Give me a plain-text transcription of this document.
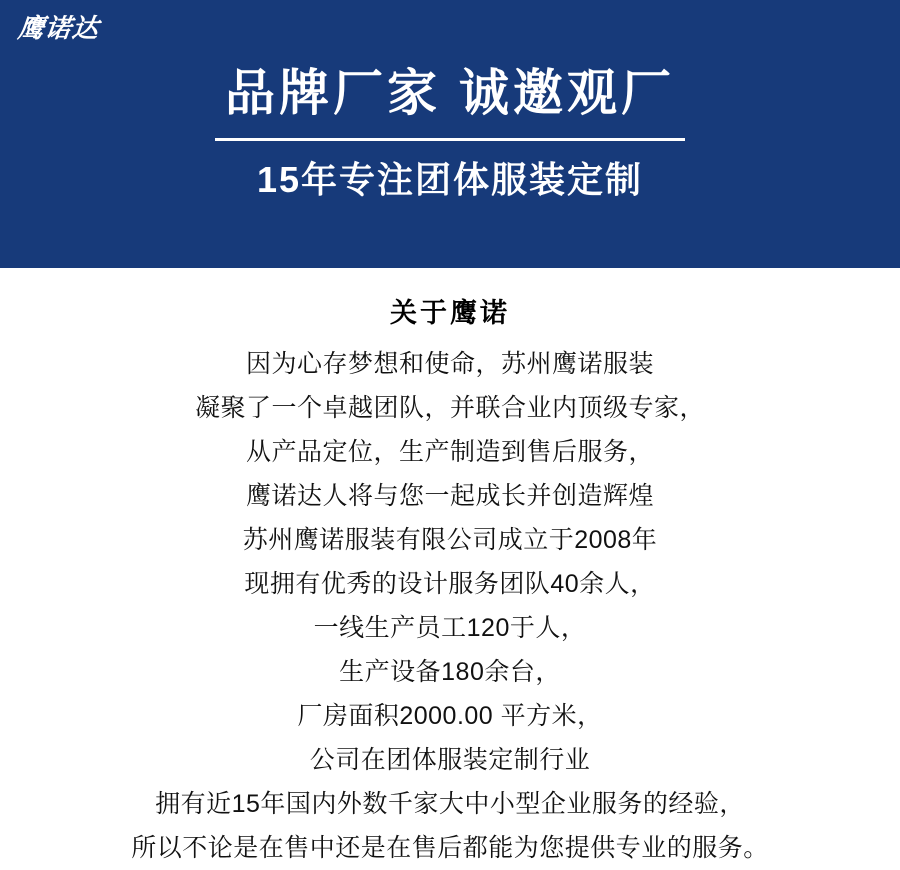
鹰诺达
品牌厂家 诚邀观厂
15年专注团体服装定制
关于鹰诺
因为心存梦想和使命，苏州鹰诺服装
凝聚了一个卓越团队，并联合业内顶级专家，
从产品定位，生产制造到售后服务，
鹰诺达人将与您一起成长并创造辉煌
苏州鹰诺服装有限公司成立于2008年
现拥有优秀的设计服务团队40余人，
一线生产员工120于人，
生产设备180余台，
厂房面积2000.00 平方米，
公司在团体服装定制行业
拥有近15年国内外数千家大中小型企业服务的经验，
所以不论是在售中还是在售后都能为您提供专业的服务。
